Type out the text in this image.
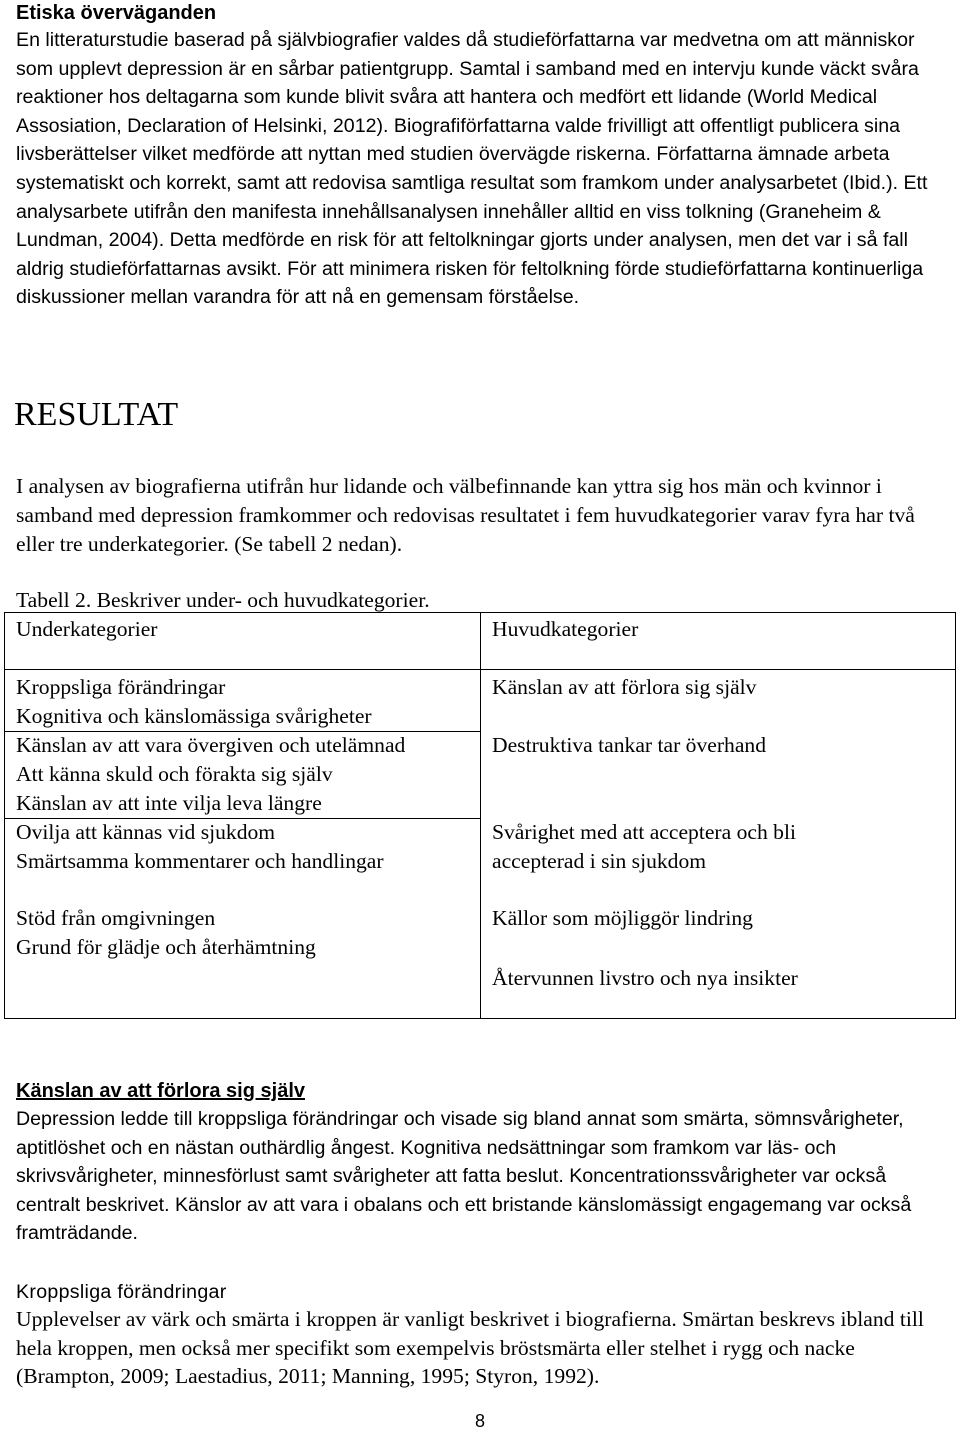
Etiska överväganden

En litteraturstudie baserad på självbiografier valdes då studieförfattarna var medvetna om att människor som upplevt depression är en sårbar patientgrupp. Samtal i samband med en intervju kunde väckt svåra reaktioner hos deltagarna som kunde blivit svåra att hantera och medfört ett lidande (World Medical Assosiation, Declaration of Helsinki, 2012). Biografiförfattarna valde frivilligt att offentligt publicera sina livsberättelser vilket medförde att nyttan med studien övervägde riskerna. Författarna ämnade arbeta systematiskt och korrekt, samt att redovisa samtliga resultat som framkom under analysarbetet (Ibid.). Ett analysarbete utifrån den manifesta innehållsanalysen innehåller alltid en viss tolkning (Graneheim & Lundman, 2004). Detta medförde en risk för att feltolkningar gjorts under analysen, men det var i så fall aldrig studieförfattarnas avsikt. För att minimera risken för feltolkning förde studieförfattarna kontinuerliga diskussioner mellan varandra för att nå en gemensam förståelse.

RESULTAT

I analysen av biografierna utifrån hur lidande och välbefinnande kan yttra sig hos män och kvinnor i samband med depression framkommer och redovisas resultatet i fem huvudkategorier varav fyra har två eller tre underkategorier. (Se tabell 2 nedan).

Tabell 2. Beskriver under- och huvudkategorier.
Underkategorier	Huvudkategorier
Kroppsliga förändringar
Kognitiva och känslomässiga svårigheter
Känslan av att förlora sig själv
Känslan av att vara övergiven och utelämnad
Att känna skuld och förakta sig själv
Känslan av att inte vilja leva längre
Destruktiva tankar tar överhand
Ovilja att kännas vid sjukdom
Smärtsamma kommentarer och handlingar
Svårighet med att acceptera och bli
accepterad i sin sjukdom
Stöd från omgivningen
Grund för glädje och återhämtning
Källor som möjliggör lindring
Återvunnen livstro och nya insikter
Känslan av att förlora sig själv

Depression ledde till kroppsliga förändringar och visade sig bland annat som smärta, sömnsvårigheter, aptitlöshet och en nästan outhärdlig ångest. Kognitiva nedsättningar som framkom var läs- och skrivsvårigheter, minnesförlust samt svårigheter att fatta beslut. Koncentrationssvårigheter var också centralt beskrivet. Känslor av att vara i obalans och ett bristande känslomässigt engagemang var också framträdande.

Kroppsliga förändringar

Upplevelser av värk och smärta i kroppen är vanligt beskrivet i biografierna. Smärtan beskrevs ibland till hela kroppen, men också mer specifikt som exempelvis bröstsmärta eller stelhet i rygg och nacke (Brampton, 2009; Laestadius, 2011; Manning, 1995; Styron, 1992).

8
